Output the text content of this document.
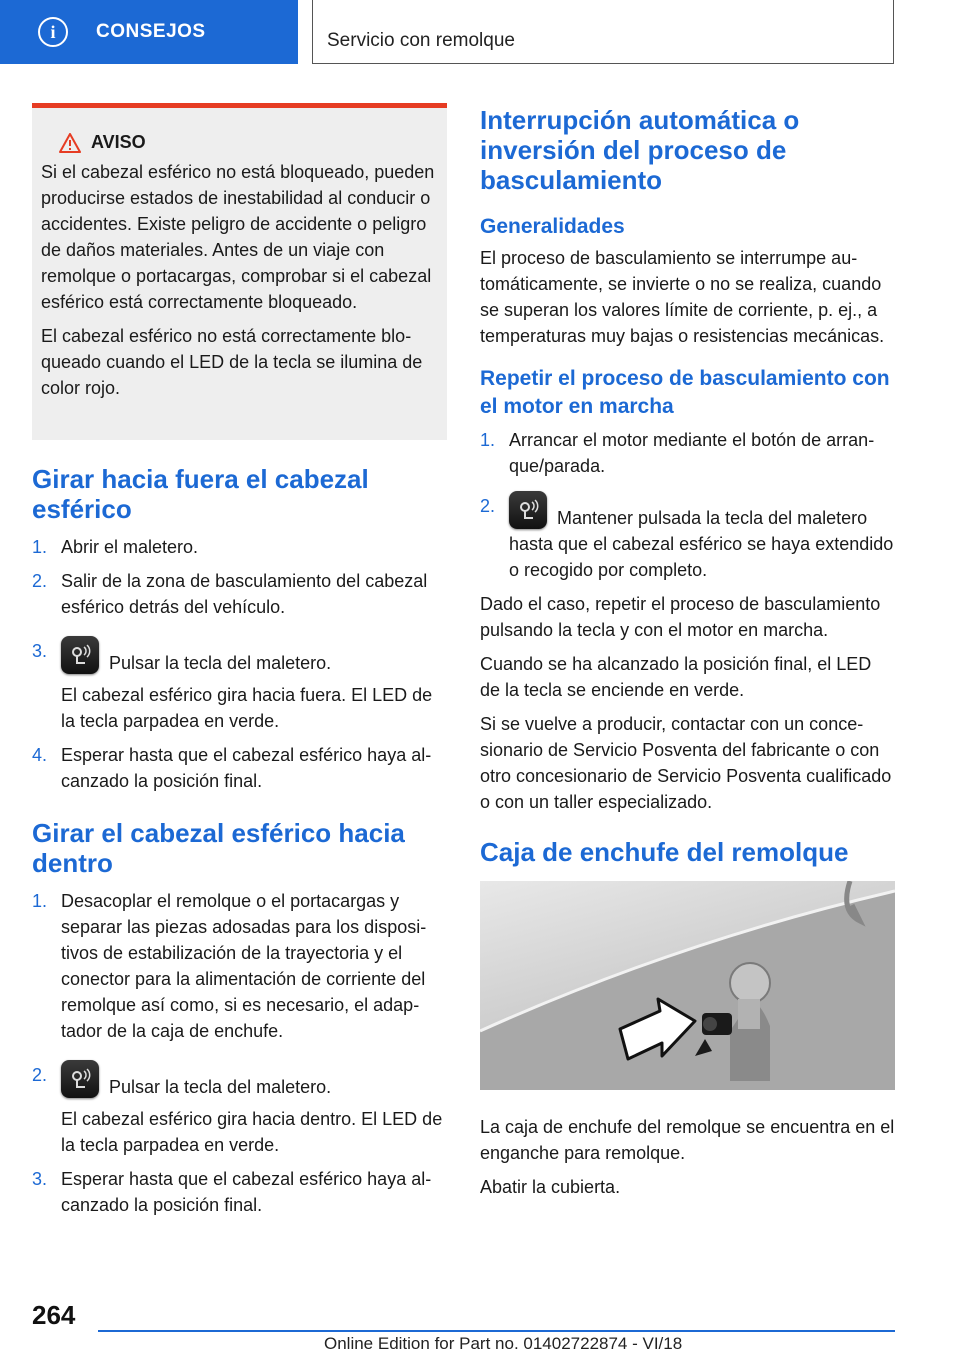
i	CONSEJOS	Servicio con remolque
AVISO

Si el cabezal esférico no está bloqueado, pueden producirse estados de inestabilidad al conducir o accidentes. Existe peligro de accidente o peligro de daños materiales. Antes de un viaje con remolque o portacargas, comprobar si el cabezal esférico está correctamente bloqueado.

El cabezal esférico no está correctamente bloqueado cuando el LED de la tecla se ilumina de color rojo.

Girar hacia fuera el cabezal esférico
1. Abrir el maletero.
2. Salir de la zona de basculamiento del cabezal esférico detrás del vehículo.
3.

Pulsar la tecla del maletero.

El cabezal esférico gira hacia fuera. El LED de la tecla parpadea en verde.

4. Esperar hasta que el cabezal esférico haya alcanzado la posición final.
Girar el cabezal esférico hacia dentro
1. Desacoplar el remolque o el portacargas y separar las piezas adosadas para los dispositivos de estabilización de la trayectoria y el conector para la alimentación de corriente del remolque así como, si es necesario, el adaptador de la caja de enchufe.
2.

Pulsar la tecla del maletero.

El cabezal esférico gira hacia dentro. El LED de la tecla parpadea en verde.

3. Esperar hasta que el cabezal esférico haya alcanzado la posición final.
Interrupción automática o inversión del proceso de basculamiento
Generalidades

El proceso de basculamiento se interrumpe automáticamente, se invierte o no se realiza, cuando se superan los valores límite de corriente, p. ej., a temperaturas muy bajas o resistencias mecánicas.

Repetir el proceso de basculamiento con el motor en marcha
1. Arrancar el motor mediante el botón de arranque/parada.
2.

Mantener pulsada la tecla del maletero hasta que el cabezal esférico se haya extendido o recogido por completo.

Dado el caso, repetir el proceso de basculamiento pulsando la tecla y con el motor en marcha.

Cuando se ha alcanzado la posición final, el LED de la tecla se enciende en verde.

Si se vuelve a producir, contactar con un concesionario de Servicio Posventa del fabricante o con otro concesionario de Servicio Posventa cualificado o con un taller especializado.

Caja de enchufe del remolque

La caja de enchufe del remolque se encuentra en el enganche para remolque.

Abatir la cubierta.

264
Online Edition for Part no. 01402722874 - VI/18
